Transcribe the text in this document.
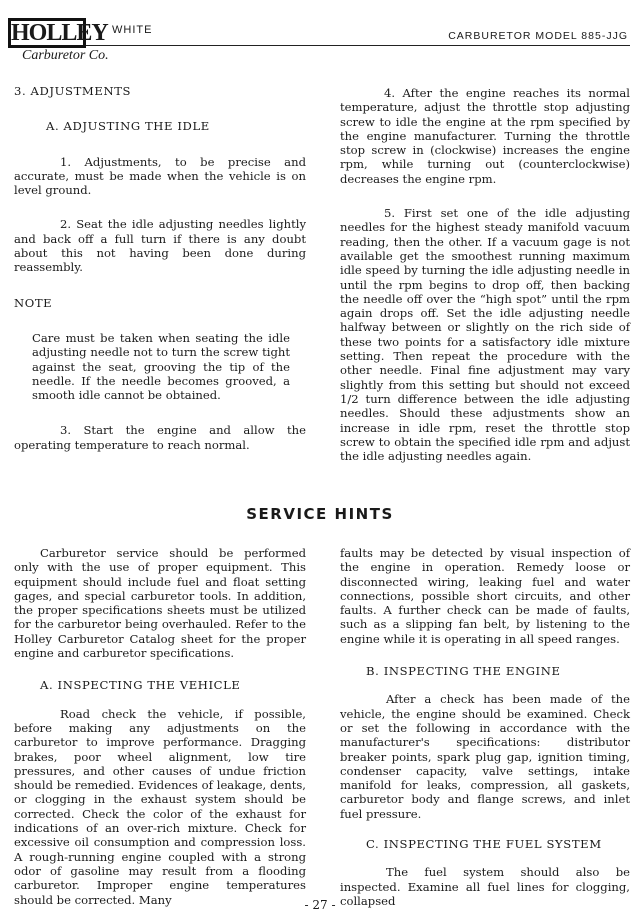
HOLLEY
Carburetor Co.
WHITE	CARBURETOR MODEL 885-JJG

3. ADJUSTMENTS

A. ADJUSTING THE IDLE

1. Adjustments, to be precise and accurate, must be made when the vehicle is on level ground.

2. Seat the idle adjusting needles lightly and back off a full turn if there is any doubt about this not having been done during reassembly.

NOTE

Care must be taken when seating the idle adjusting needle not to turn the screw tight against the seat, grooving the tip of the needle. If the needle becomes grooved, a smooth idle cannot be obtained.

3. Start the engine and allow the operating temperature to reach normal.

4. After the engine reaches its normal temperature, adjust the throttle stop adjusting screw to idle the engine at the rpm specified by the engine manufacturer. Turning the throttle stop screw in (clockwise) increases the engine rpm, while turning out (counterclockwise) decreases the engine rpm.

5. First set one of the idle adjusting needles for the highest steady manifold vacuum reading, then the other. If a vacuum gage is not available get the smoothest running maximum idle speed by turning the idle adjusting needle in until the rpm begins to drop off, then backing the needle off over the “high spot” until the rpm again drops off. Set the idle adjusting needle halfway between or slightly on the rich side of these two points for a satisfactory idle mixture setting. Then repeat the procedure with the other needle. Final fine adjustment may vary slightly from this setting but should not exceed 1/2 turn difference between the idle adjusting needles. Should these adjustments show an increase in idle rpm, reset the throttle stop screw to obtain the specified idle rpm and adjust the idle adjusting needles again.

SERVICE HINTS

Carburetor service should be performed only with the use of proper equipment. This equipment should include fuel and float setting gages, and special carburetor tools. In addition, the proper specifications sheets must be utilized for the carburetor being overhauled. Refer to the Holley Carburetor Catalog sheet for the proper engine and carburetor specifications.

A. INSPECTING THE VEHICLE

Road check the vehicle, if possible, before making any adjustments on the carburetor to improve performance. Dragging brakes, poor wheel alignment, low tire pressures, and other causes of undue friction should be remedied. Evidences of leakage, dents, or clogging in the exhaust system should be corrected. Check the color of the exhaust for indications of an over-rich mixture. Check for excessive oil consumption and compression loss. A rough-running engine coupled with a strong odor of gasoline may result from a flooding carburetor. Improper engine temperatures should be corrected. Many

faults may be detected by visual inspection of the engine in operation. Remedy loose or disconnected wiring, leaking fuel and water connections, possible short circuits, and other faults. A further check can be made of faults, such as a slipping fan belt, by listening to the engine while it is operating in all speed ranges.

B. INSPECTING THE ENGINE

After a check has been made of the vehicle, the engine should be examined. Check or set the following in accordance with the manufacturer's specifications: distributor breaker points, spark plug gap, ignition timing, condenser capacity, valve settings, intake manifold for leaks, compression, all gaskets, carburetor body and flange screws, and inlet fuel pressure.

C. INSPECTING THE FUEL SYSTEM

The fuel system should also be inspected. Examine all fuel lines for clogging, collapsed

- 27 -
